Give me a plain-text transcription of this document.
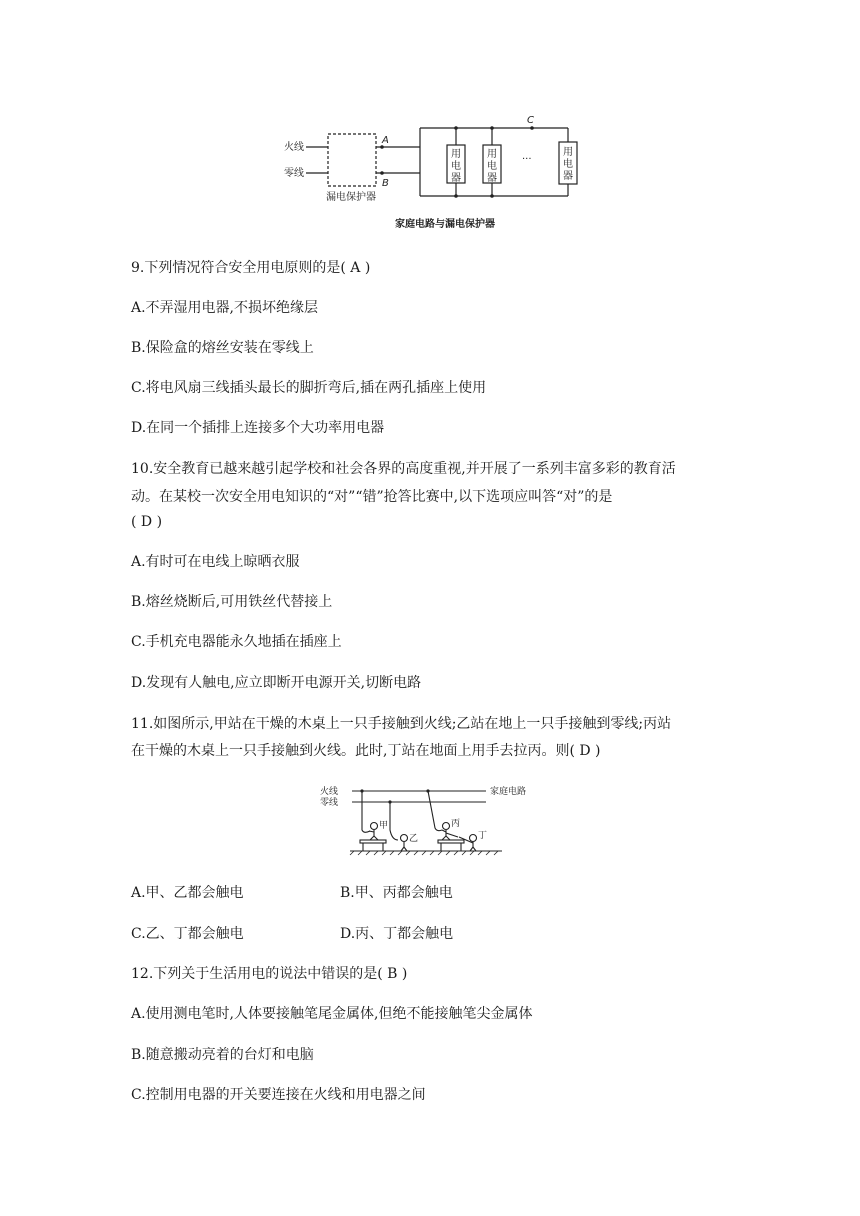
火线
零线
A
B
C
漏电保护器
···
用
电
器
用
电
器
用
电
器
家庭电路与漏电保护器
9.下列情况符合安全用电原则的是( A )
A.不弄湿用电器,不损坏绝缘层
B.保险盒的熔丝安装在零线上
C.将电风扇三线插头最长的脚折弯后,插在两孔插座上使用
D.在同一个插排上连接多个大功率用电器
10.安全教育已越来越引起学校和社会各界的高度重视,并开展了一系列丰富多彩的教育活
动。在某校一次安全用电知识的“对”“错”抢答比赛中,以下选项应叫答“对”的是
( D )
A.有时可在电线上晾晒衣服
B.熔丝烧断后,可用铁丝代替接上
C.手机充电器能永久地插在插座上
D.发现有人触电,应立即断开电源开关,切断电路
11.如图所示,甲站在干燥的木桌上一只手接触到火线;乙站在地上一只手接触到零线;丙站
在干燥的木桌上一只手接触到火线。此时,丁站在地面上用手去拉丙。则( D )
火线
零线
家庭电路
甲
乙
丙
丁
A.甲、乙都会触电	B.甲、丙都会触电
C.乙、丁都会触电	D.丙、丁都会触电
12.下列关于生活用电的说法中错误的是( B )
A.使用测电笔时,人体要接触笔尾金属体,但绝不能接触笔尖金属体
B.随意搬动亮着的台灯和电脑
C.控制用电器的开关要连接在火线和用电器之间
